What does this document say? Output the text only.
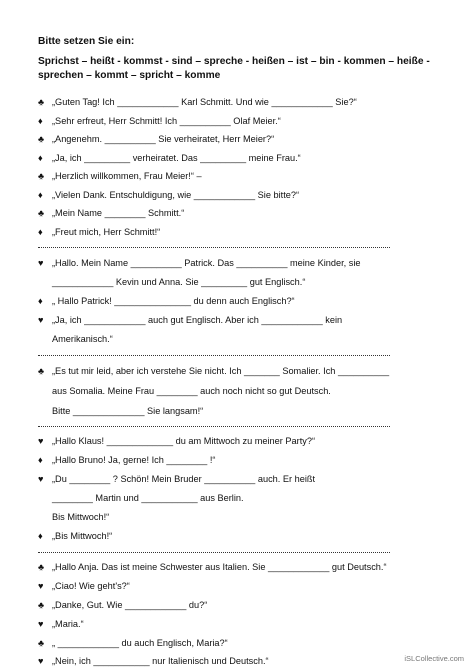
Bitte setzen Sie ein:
Sprichst – heißt - kommst - sind – spreche - heißen – ist – bin - kommen – heiße - sprechen – kommt – spricht – komme
♣ „Guten Tag! Ich ____________ Karl Schmitt. Und wie ____________ Sie?“
♦ „Sehr erfreut, Herr Schmitt! Ich __________ Olaf Meier.“
♣ „Angenehm. __________ Sie verheiratet, Herr Meier?“
♦ „Ja, ich _________ verheiratet. Das _________ meine Frau.“
♣ „Herzlich willkommen, Frau Meier!“ –
♦ „Vielen Dank. Entschuldigung, wie ____________ Sie bitte?“
♣ „Mein Name ________ Schmitt.“
♦ „Freut mich, Herr Schmitt!“
♥ „Hallo. Mein Name __________ Patrick. Das __________ meine Kinder, sie
____________ Kevin und Anna. Sie _________ gut Englisch.“
♦ „ Hallo Patrick! _______________ du denn auch Englisch?“
♥ „Ja, ich ____________ auch gut Englisch. Aber ich ____________ kein
Amerikanisch.“
♣ „Es tut mir leid, aber ich verstehe Sie nicht. Ich _______ Somalier. Ich __________
aus Somalia. Meine Frau ________ auch noch nicht so gut Deutsch.
Bitte ______________ Sie langsam!“
♥ „Hallo Klaus! _____________ du am Mittwoch zu meiner Party?“
♦ „Hallo Bruno! Ja, gerne! Ich ________ !“
♥ „Du ________ ? Schön! Mein Bruder __________ auch. Er heißt
________ Martin und ___________ aus Berlin.
Bis Mittwoch!“
♦ „Bis Mittwoch!“
♣ „Hallo Anja. Das ist meine Schwester aus Italien. Sie ____________ gut Deutsch.“
♥ „Ciao! Wie geht's?“
♣ „Danke, Gut. Wie ____________ du?“
♥ „Maria.“
♣ „ ____________ du auch Englisch, Maria?“
♥ „Nein, ich ___________ nur Italienisch und Deutsch.“	iSLCollective.com
